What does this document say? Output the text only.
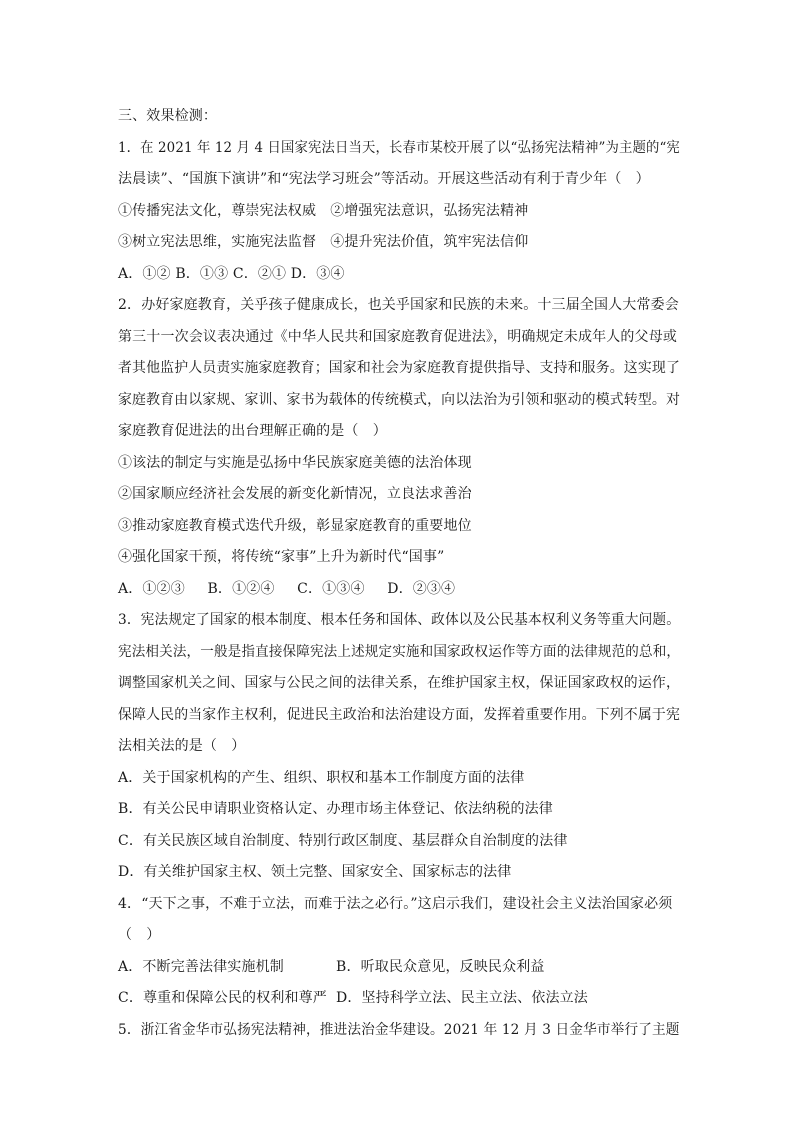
三、效果检测：
1．在 2021 年 12 月 4 日国家宪法日当天，长春市某校开展了以“弘扬宪法精神”为主题的“宪
法晨读”、“国旗下演讲”和“宪法学习班会”等活动。开展这些活动有利于青少年（　）
①传播宪法文化，尊崇宪法权威　②增强宪法意识，弘扬宪法精神
③树立宪法思维，实施宪法监督　④提升宪法价值，筑牢宪法信仰
A．①② B．①③ C．②① D．③④
2．办好家庭教育，关乎孩子健康成长，也关乎国家和民族的未来。十三届全国人大常委会
第三十一次会议表决通过《中华人民共和国家庭教育促进法》，明确规定未成年人的父母或
者其他监护人员责实施家庭教育；国家和社会为家庭教育提供指导、支持和服务。这实现了
家庭教育由以家规、家训、家书为载体的传统模式，向以法治为引领和驱动的模式转型。对
家庭教育促进法的出台理解正确的是（　）
①该法的制定与实施是弘扬中华民族家庭美德的法治体现
②国家顺应经济社会发展的新变化新情况，立良法求善治
③推动家庭教育模式迭代升级，彰显家庭教育的重要地位
④强化国家干预，将传统“家事”上升为新时代“国事”
A．①②③ B．①②④ C．①③④ D．②③④
3．宪法规定了国家的根本制度、根本任务和国体、政体以及公民基本权利义务等重大问题。
宪法相关法，一般是指直接保障宪法上述规定实施和国家政权运作等方面的法律规范的总和，
调整国家机关之间、国家与公民之间的法律关系，在维护国家主权，保证国家政权的运作，
保障人民的当家作主权利，促进民主政治和法治建设方面，发挥着重要作用。下列不属于宪
法相关法的是（　）
A．关于国家机构的产生、组织、职权和基本工作制度方面的法律
B．有关公民申请职业资格认定、办理市场主体登记、依法纳税的法律
C．有关民族区域自治制度、特别行政区制度、基层群众自治制度的法律
D．有关维护国家主权、领土完整、国家安全、国家标志的法律
4．“天下之事，不难于立法，而难于法之必行。”这启示我们，建设社会主义法治国家必须
（　）
A．不断完善法律实施机制	B．听取民众意见，反映民众利益
C．尊重和保障公民的权利和尊严 D．坚持科学立法、民主立法、依法立法
5．浙江省金华市弘扬宪法精神，推进法治金华建设。2021 年 12 月 3 日金华市举行了主题
